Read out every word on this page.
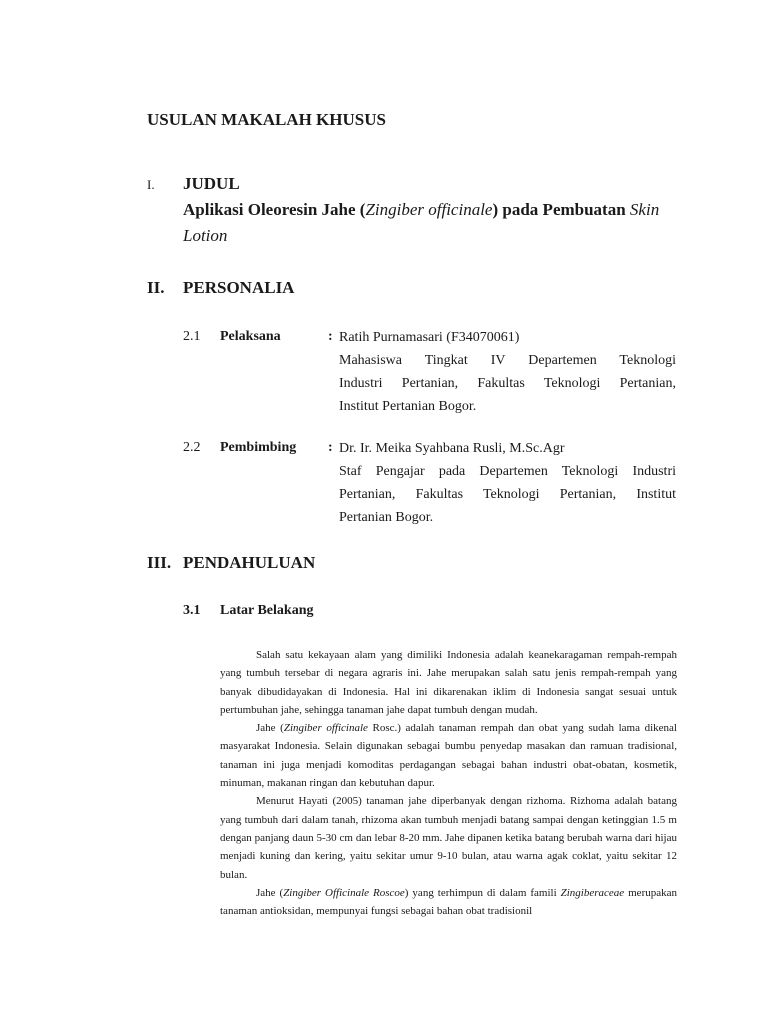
USULAN MAKALAH KHUSUS
I. JUDUL
Aplikasi Oleoresin Jahe (Zingiber officinale) pada Pembuatan Skin
Lotion
II. PERSONALIA
2.1 Pelaksana	: Ratih Purnamasari (F34070061)
Mahasiswa Tingkat IV Departemen Teknologi
Industri Pertanian, Fakultas Teknologi Pertanian,
Institut Pertanian Bogor.
2.2 Pembimbing : Dr. Ir. Meika Syahbana Rusli, M.Sc.Agr
Staf Pengajar pada Departemen Teknologi Industri
Pertanian, Fakultas Teknologi Pertanian, Institut
Pertanian Bogor.
III. PENDAHULUAN
3.1 Latar Belakang

Salah satu kekayaan alam yang dimiliki Indonesia adalah keanekaragaman rempah-rempah yang tumbuh tersebar di negara agraris ini. Jahe merupakan salah satu jenis rempah-rempah yang banyak dibudidayakan di Indonesia. Hal ini dikarenakan iklim di Indonesia sangat sesuai untuk pertumbuhan jahe, sehingga tanaman jahe dapat tumbuh dengan mudah.

Jahe (Zingiber officinale Rosc.) adalah tanaman rempah dan obat yang sudah lama dikenal masyarakat Indonesia. Selain digunakan sebagai bumbu penyedap masakan dan ramuan tradisional, tanaman ini juga menjadi komoditas perdagangan sebagai bahan industri obat-obatan, kosmetik, minuman, makanan ringan dan kebutuhan dapur.

Menurut Hayati (2005) tanaman jahe diperbanyak dengan rizhoma. Rizhoma adalah batang yang tumbuh dari dalam tanah, rhizoma akan tumbuh menjadi batang sampai dengan ketinggian 1.5 m dengan panjang daun 5-30 cm dan lebar 8-20 mm. Jahe dipanen ketika batang berubah warna dari hijau menjadi kuning dan kering, yaitu sekitar umur 9-10 bulan, atau warna agak coklat, yaitu sekitar 12 bulan.

Jahe (Zingiber Officinale Roscoe) yang terhimpun di dalam famili Zingiberaceae merupakan tanaman antioksidan, mempunyai fungsi sebagai bahan obat tradisionil
